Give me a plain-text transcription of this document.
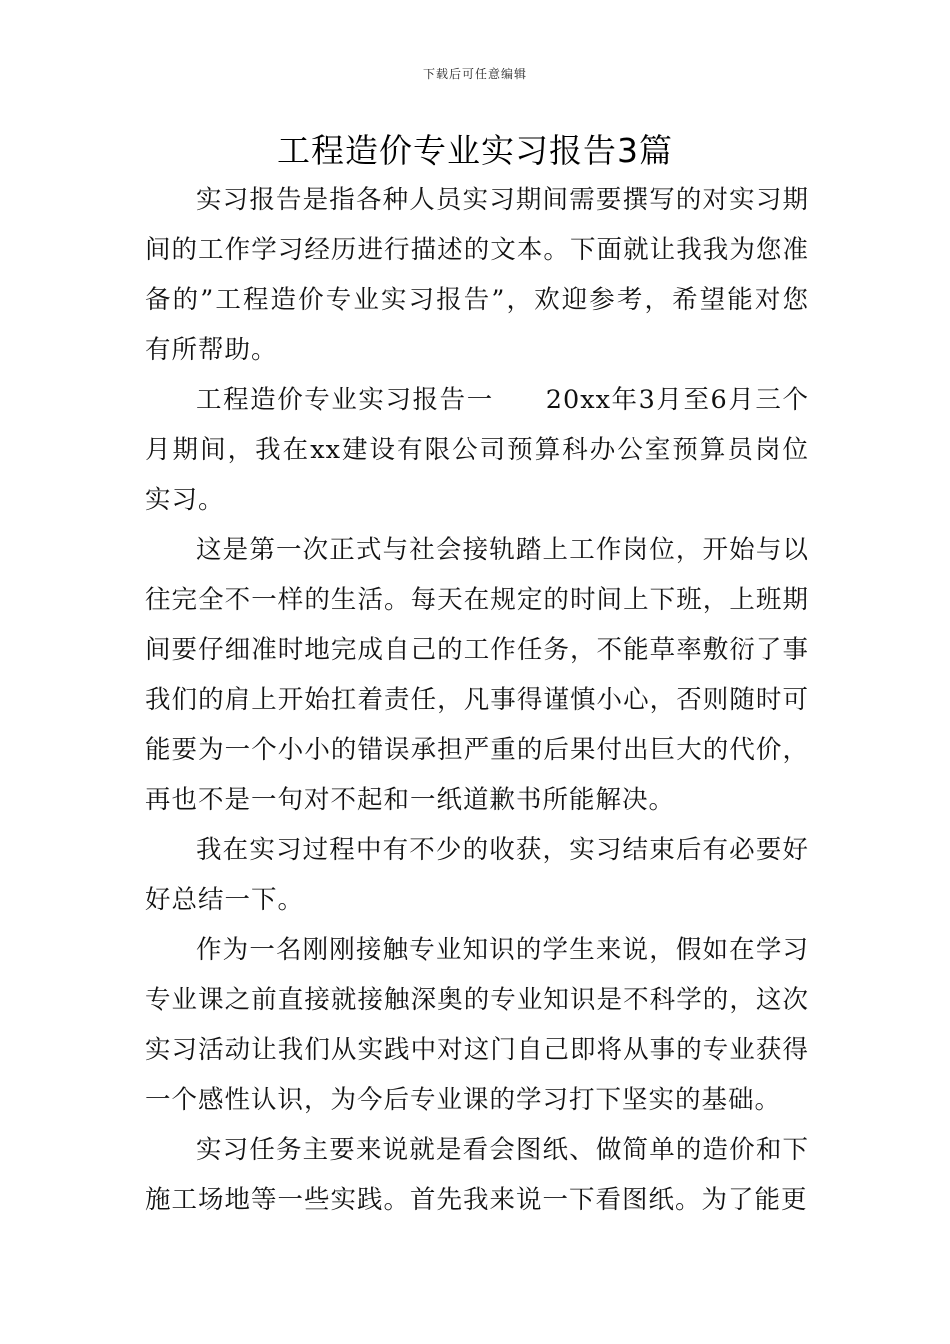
下载后可任意编辑
工程造价专业实习报告3篇

实习报告是指各种人员实习期间需要撰写的对实习期间的工作学习经历进行描述的文本。下面就让我我为您准备的”工程造价专业实习报告”，欢迎参考，希望能对您有所帮助。

工程造价专业实习报告一 20xx年3月至6月三个月期间，我在xx建设有限公司预算科办公室预算员岗位实习。

这是第一次正式与社会接轨踏上工作岗位，开始与以往完全不一样的生活。每天在规定的时间上下班，上班期间要仔细准时地完成自己的工作任务，不能草率敷衍了事我们的肩上开始扛着责任，凡事得谨慎小心，否则随时可能要为一个小小的错误承担严重的后果付出巨大的代价，再也不是一句对不起和一纸道歉书所能解决。

我在实习过程中有不少的收获，实习结束后有必要好好总结一下。

作为一名刚刚接触专业知识的学生来说，假如在学习专业课之前直接就接触深奥的专业知识是不科学的，这次实习活动让我们从实践中对这门自己即将从事的专业获得一个感性认识，为今后专业课的学习打下坚实的基础。

实习任务主要来说就是看会图纸、做简单的造价和下施工场地等一些实践。首先我来说一下看图纸。为了能更
